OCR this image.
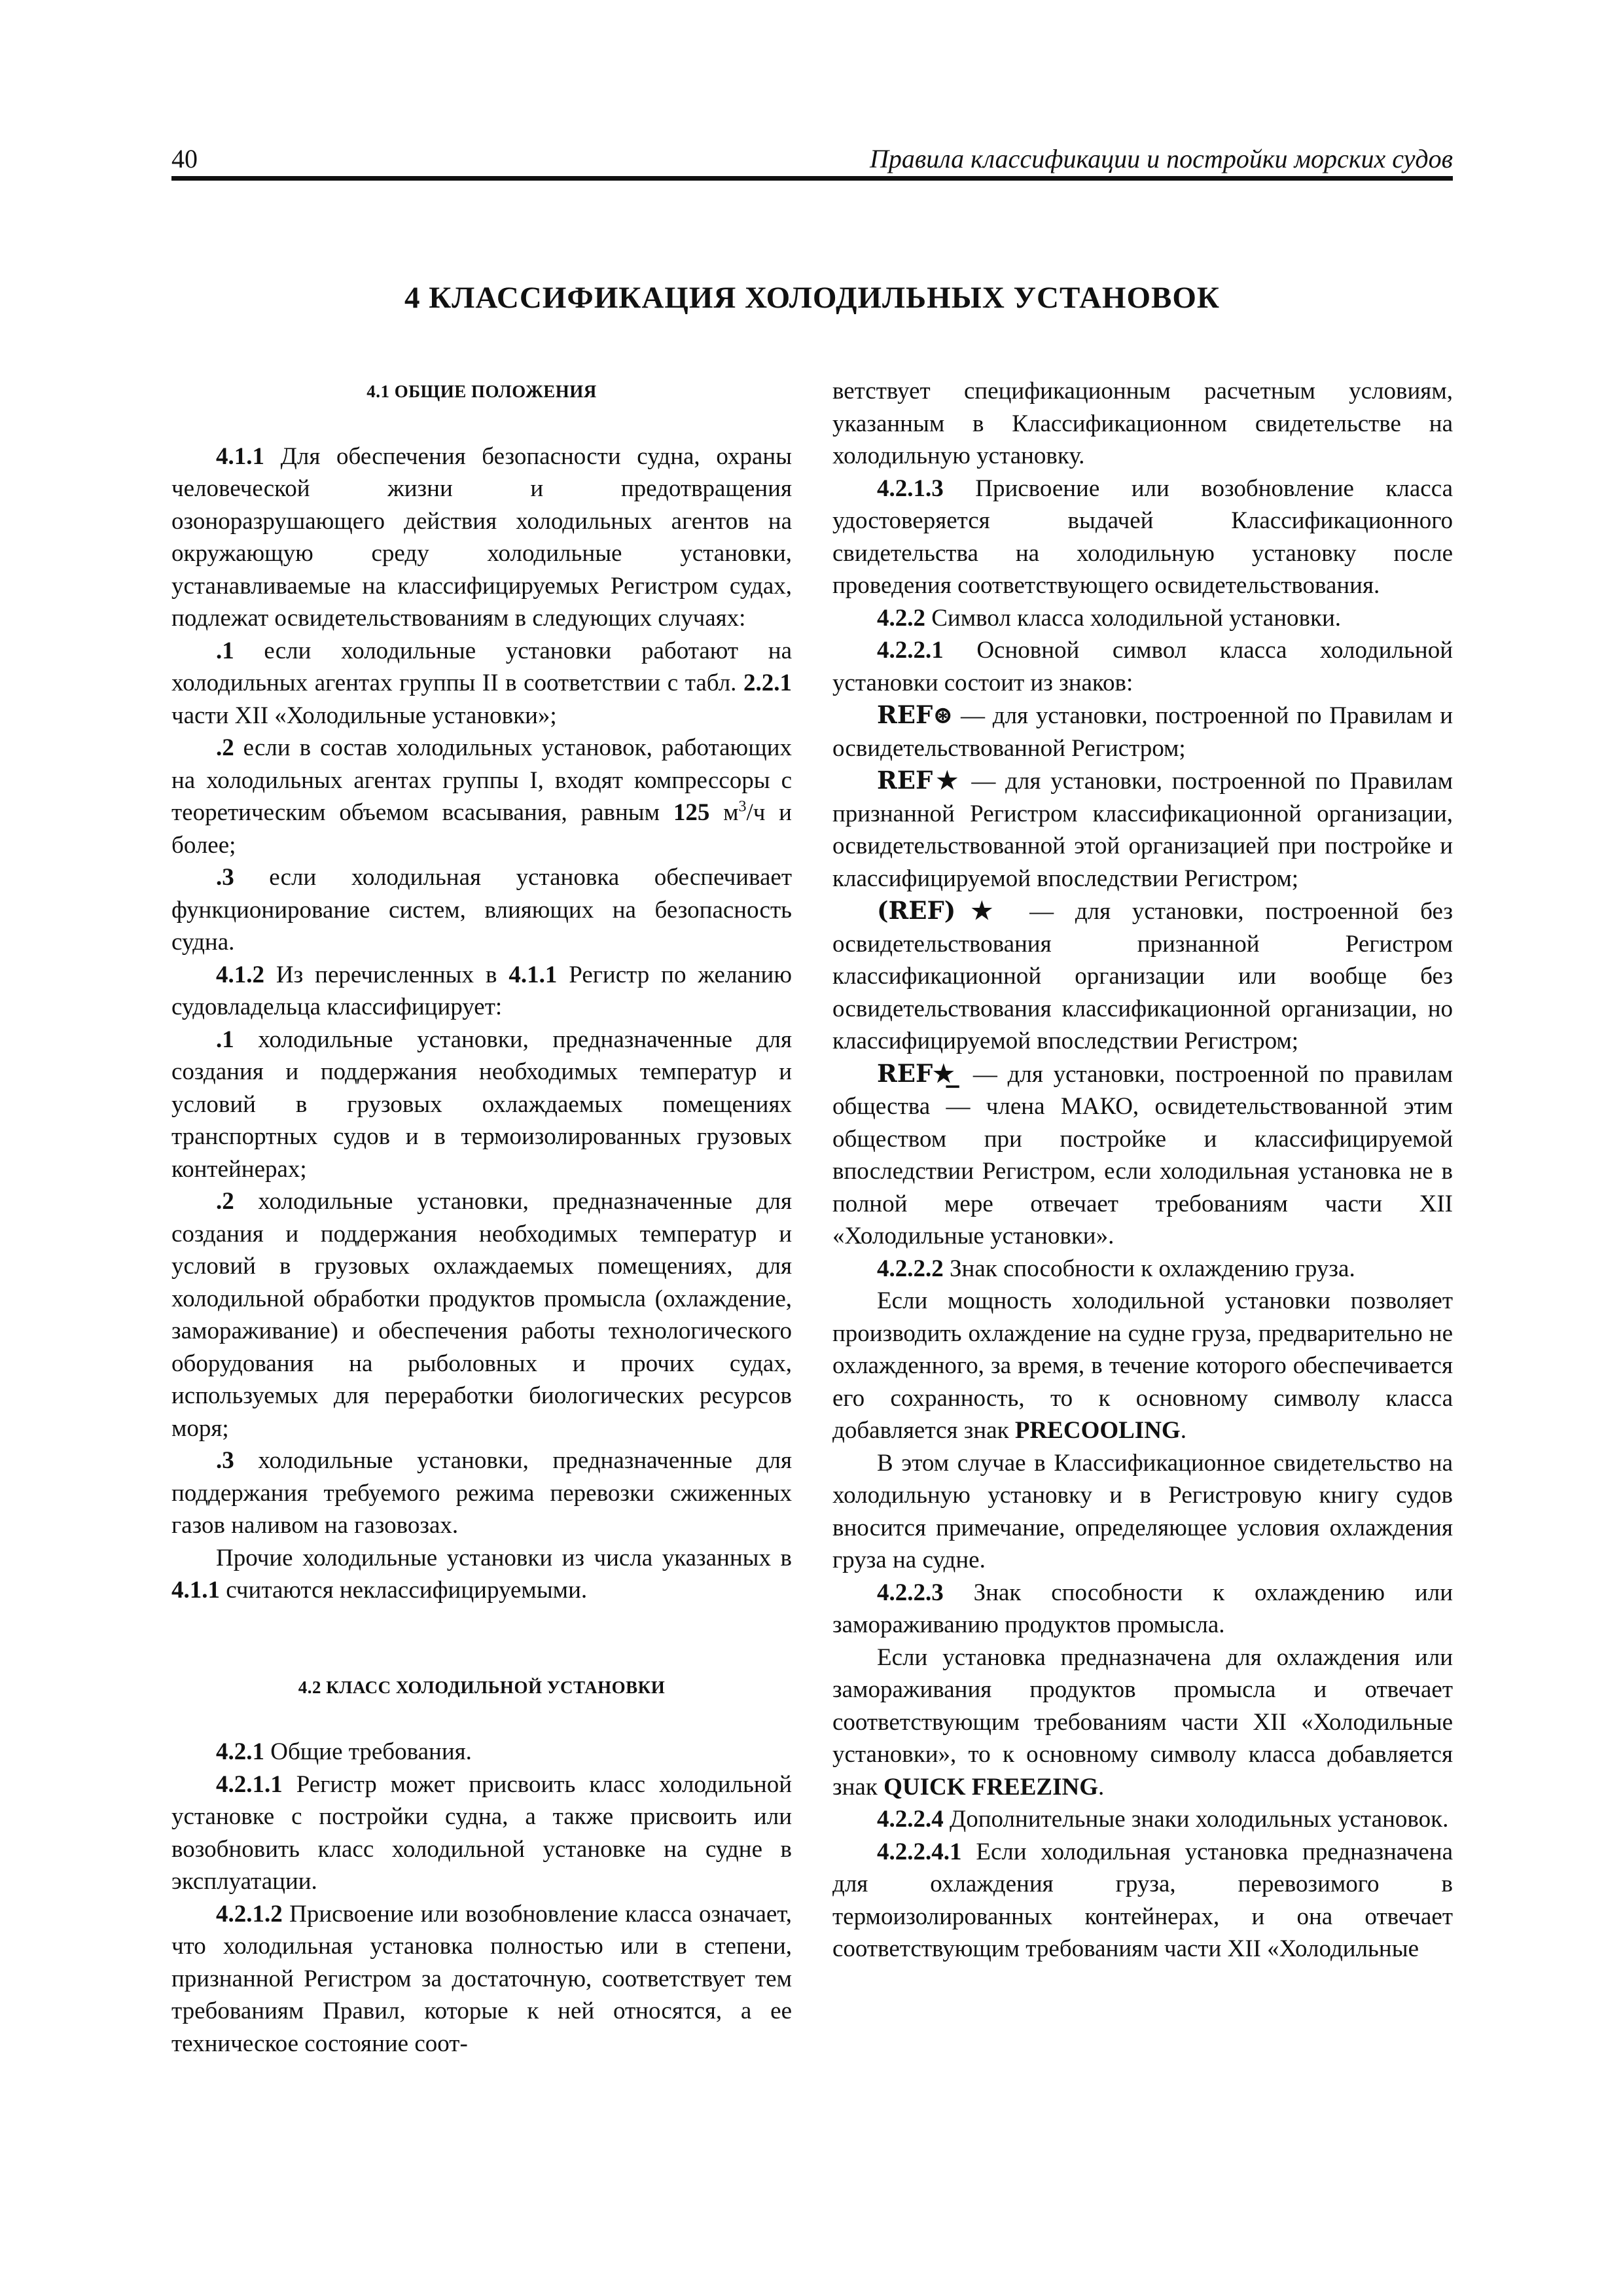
40	Правила классификации и постройки морских судов
4 КЛАССИФИКАЦИЯ ХОЛОДИЛЬНЫХ УСТАНОВОК

4.1 ОБЩИЕ ПОЛОЖЕНИЯ

4.1.1 Для обеспечения безопасности судна, охраны человеческой жизни и предотвращения озоноразрушающего действия холодильных агентов на окружающую среду холодильные установки, устанавливаемые на классифицируемых Регистром судах, подлежат освидетельствованиям в следующих случаях:

.1 если холодильные установки работают на холодильных агентах группы II в соответствии с табл. 2.2.1 части XII «Холодильные установки»;

.2 если в состав холодильных установок, работающих на холодильных агентах группы I, входят компрессоры с теоретическим объемом всасывания, равным 125 $м^3/ч$ и более;

.3 если холодильная установка обеспечивает функционирование систем, влияющих на безопасность судна.

4.1.2 Из перечисленных в 4.1.1 Регистр по желанию судовладельца классифицирует:

.1 холодильные установки, предназначенные для создания и поддержания необходимых температур и условий в грузовых охлаждаемых помещениях транспортных судов и в термоизолированных грузовых контейнерах;

.2 холодильные установки, предназначенные для создания и поддержания необходимых температур и условий в грузовых охлаждаемых помещениях, для холодильной обработки продуктов промысла (охлаждение, замораживание) и обеспечения работы технологического оборудования на рыболовных и прочих судах, используемых для переработки биологических ресурсов моря;

.3 холодильные установки, предназначенные для поддержания требуемого режима перевозки сжиженных газов наливом на газовозах.

Прочие холодильные установки из числа указанных в 4.1.1 считаются неклассифицируемыми.

4.2 КЛАСС ХОЛОДИЛЬНОЙ УСТАНОВКИ

4.2.1 Общие требования.

4.2.1.1 Регистр может присвоить класс холодильной установке с постройки судна, а также присвоить или возобновить класс холодильной установке на судне в эксплуатации.

4.2.1.2 Присвоение или возобновление класса означает, что холодильная установка полностью или в степени, признанной Регистром за достаточную, соответствует тем требованиям Правил, которые к ней относятся, а ее техническое состояние соот-

ветствует спецификационным расчетным условиям, указанным в Классификационном свидетельстве на холодильную установку.

4.2.1.3 Присвоение или возобновление класса удостоверяется выдачей Классификационного свидетельства на холодильную установку после проведения соответствующего освидетельствования.

4.2.2 Символ класса холодильной установки.

4.2.2.1 Основной символ класса холодильной установки состоит из знаков:

REF⊛ — для установки, построенной по Правилам и освидетельствованной Регистром;

REF★ — для установки, построенной по Правилам признанной Регистром классификационной организации, освидетельствованной этой организацией при постройке и классифицируемой впоследствии Регистром;

(REF)★ — для установки, построенной без освидетельствования признанной Регистром классификационной организации или вообще без освидетельствования классификационной организации, но классифицируемой впоследствии Регистром;

REF★̲ — для установки, построенной по правилам общества — члена МАКО, освидетельствованной этим обществом при постройке и классифицируемой впоследствии Регистром, если холодильная установка не в полной мере отвечает требованиям части XII «Холодильные установки».

4.2.2.2 Знак способности к охлаждению груза.

Если мощность холодильной установки позволяет производить охлаждение на судне груза, предварительно не охлажденного, за время, в течение которого обеспечивается его сохранность, то к основному символу класса добавляется знак PRECOOLING.

В этом случае в Классификационное свидетельство на холодильную установку и в Регистровую книгу судов вносится примечание, определяющее условия охлаждения груза на судне.

4.2.2.3 Знак способности к охлаждению или замораживанию продуктов промысла.

Если установка предназначена для охлаждения или замораживания продуктов промысла и отвечает соответствующим требованиям части XII «Холодильные установки», то к основному символу класса добавляется знак QUICK FREEZING.

4.2.2.4 Дополнительные знаки холодильных установок.

4.2.2.4.1 Если холодильная установка предназначена для охлаждения груза, перевозимого в термоизолированных контейнерах, и она отвечает соответствующим требованиям части XII «Холодильные
